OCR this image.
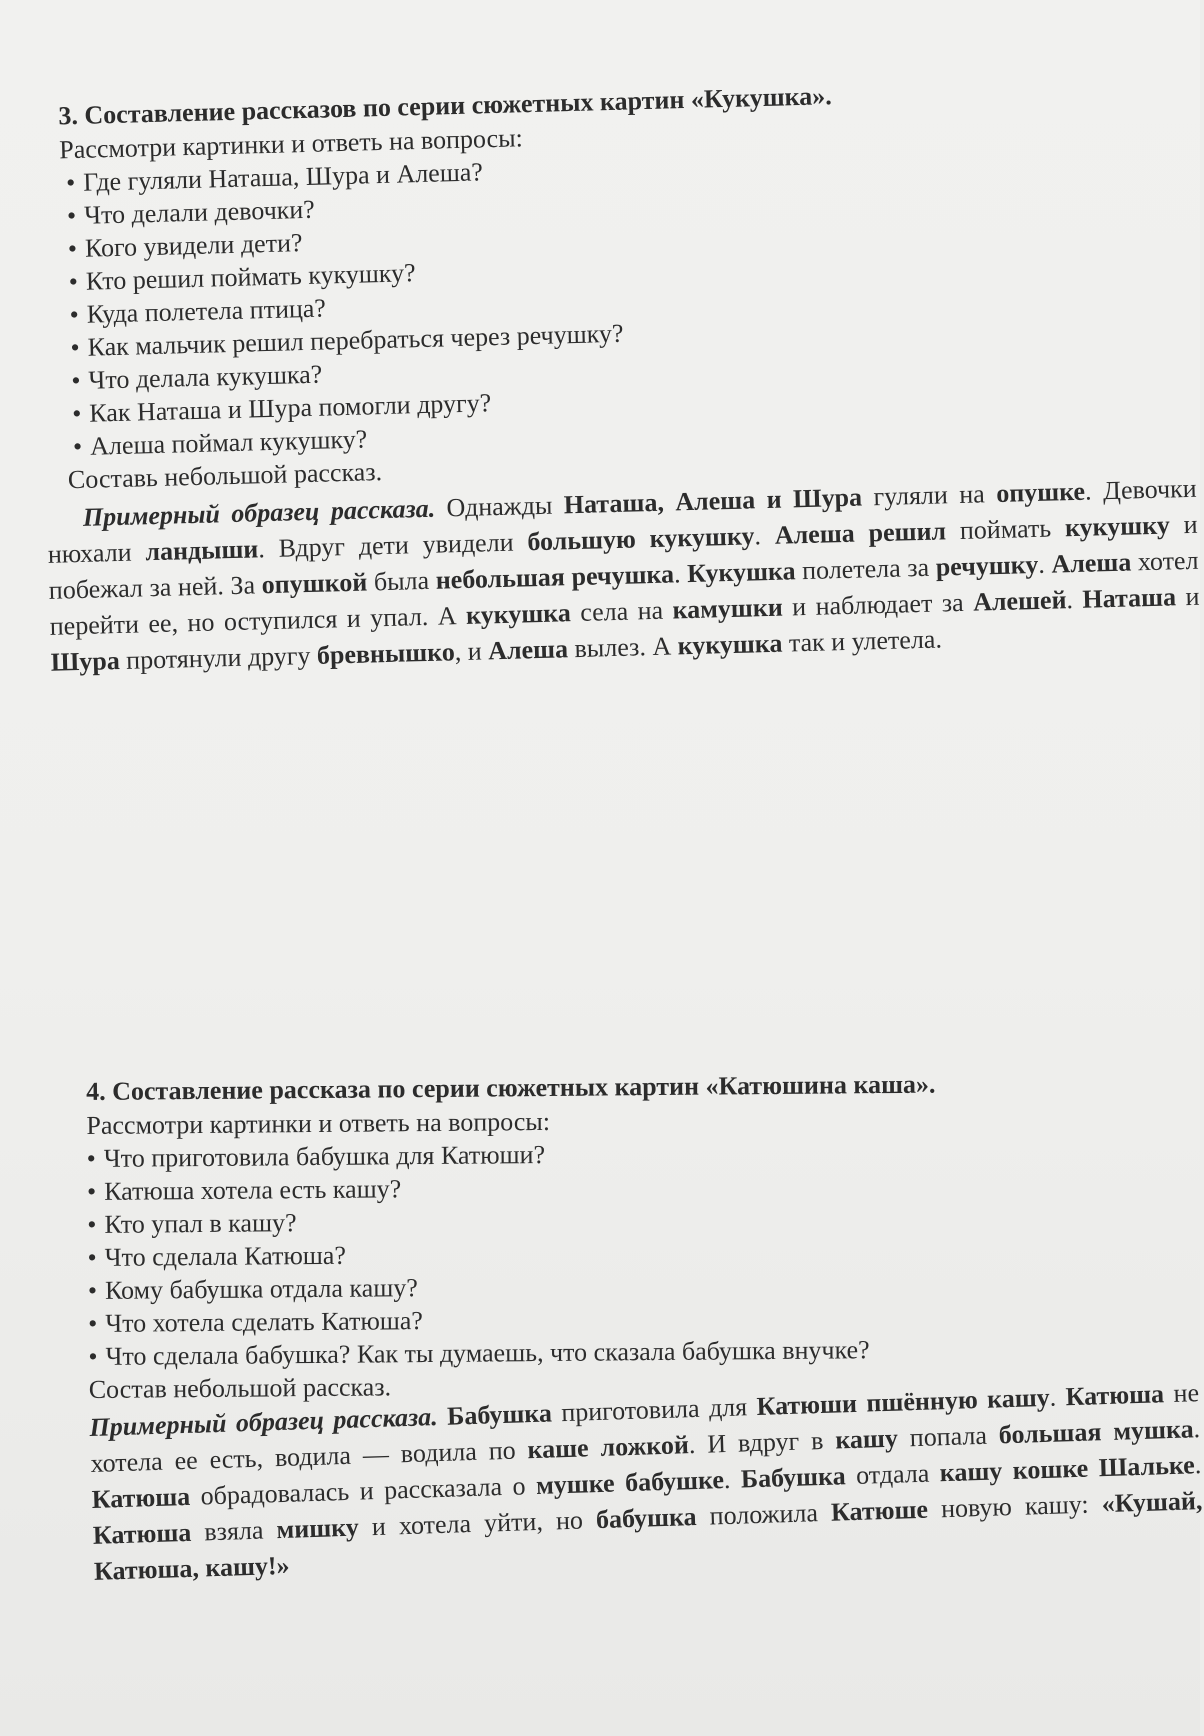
3. Составление рассказов по серии сюжетных картин «Кукушка».
Рассмотри картинки и ответь на вопросы:
• Где гуляли Наташа, Шура и Алеша?
• Что делали девочки?
• Кого увидели дети?
• Кто решил поймать кукушку?
• Куда полетела птица?
• Как мальчик решил перебраться через речушку?
• Что делала кукушка?
• Как Наташа и Шура помогли другу?
• Алеша поймал кукушку?
Составь небольшой рассказ.

Примерный образец рассказа. Однажды Наташа, Алеша и Шура гуляли на опушке. Девочки нюхали ландыши. Вдруг дети увидели большую кукушку. Алеша решил поймать кукушку и побежал за ней. За опушкой была небольшая речушка. Кукушка полетела за речушку. Алеша хотел перейти ее, но оступился и упал. А кукушка села на камушки и наблюдает за Алешей. Наташа и Шура протянули другу бревнышко, и Алеша вылез. А кукушка так и улетела.

4. Составление рассказа по серии сюжетных картин «Катюшина каша».
Рассмотри картинки и ответь на вопросы:
• Что приготовила бабушка для Катюши?
• Катюша хотела есть кашу?
• Кто упал в кашу?
• Что сделала Катюша?
• Кому бабушка отдала кашу?
• Что хотела сделать Катюша?
• Что сделала бабушка? Как ты думаешь, что сказала бабушка внучке?
Состав небольшой рассказ.

Примерный образец рассказа. Бабушка приготовила для Катюши пшённую кашу. Катюша не хотела ее есть, водила — водила по каше ложкой. И вдруг в кашу попала большая мушка. Катюша обрадовалась и рассказала о мушке бабушке. Бабушка отдала кашу кошке Шальке. Катюша взяла мишку и хотела уйти, но бабушка положила Катюше новую кашу: «Кушай, Катюша, кашу!»
